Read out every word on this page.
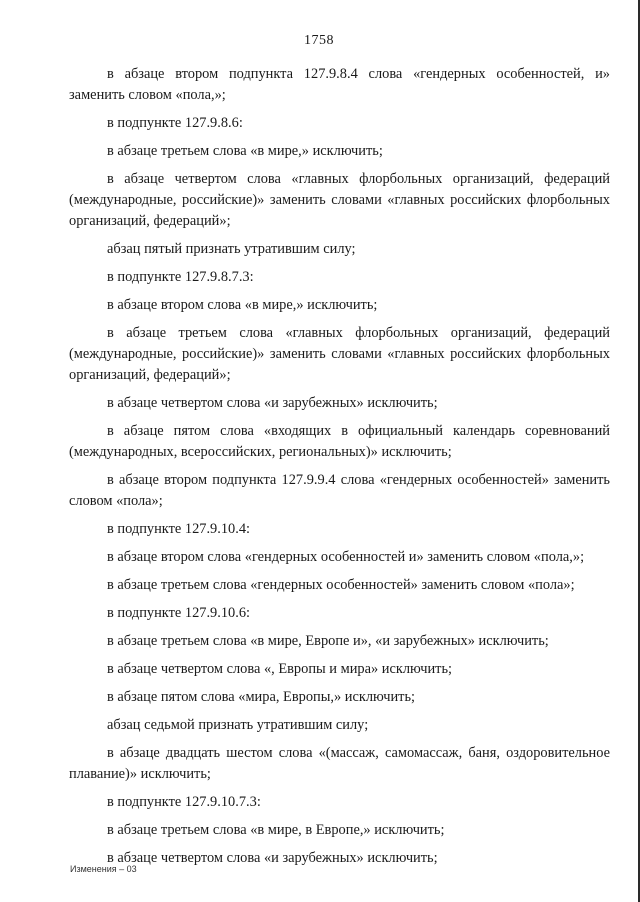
1758

в абзаце втором подпункта 127.9.8.4 слова «гендерных особенностей, и» заменить словом «пола,»;

в подпункте 127.9.8.6:

в абзаце третьем слова «в мире,» исключить;

в абзаце четвертом слова «главных флорбольных организаций, федераций (международные, российские)» заменить словами «главных российских флорбольных организаций, федераций»;

абзац пятый признать утратившим силу;

в подпункте 127.9.8.7.3:

в абзаце втором слова «в мире,» исключить;

в абзаце третьем слова «главных флорбольных организаций, федераций (международные, российские)» заменить словами «главных российских флорбольных организаций, федераций»;

в абзаце четвертом слова «и зарубежных» исключить;

в абзаце пятом слова «входящих в официальный календарь соревнований (международных, всероссийских, региональных)» исключить;

в абзаце втором подпункта 127.9.9.4 слова «гендерных особенностей» заменить словом «пола»;

в подпункте 127.9.10.4:

в абзаце втором слова «гендерных особенностей и» заменить словом «пола,»;

в абзаце третьем слова «гендерных особенностей» заменить словом «пола»;

в подпункте 127.9.10.6:

в абзаце третьем слова «в мире, Европе и», «и зарубежных» исключить;

в абзаце четвертом слова «, Европы и мира» исключить;

в абзаце пятом слова «мира, Европы,» исключить;

абзац седьмой признать утратившим силу;

в абзаце двадцать шестом слова «(массаж, самомассаж, баня, оздоровительное плавание)» исключить;

в подпункте 127.9.10.7.3:

в абзаце третьем слова «в мире, в Европе,» исключить;

в абзаце четвертом слова «и зарубежных» исключить;

Изменения – 03
